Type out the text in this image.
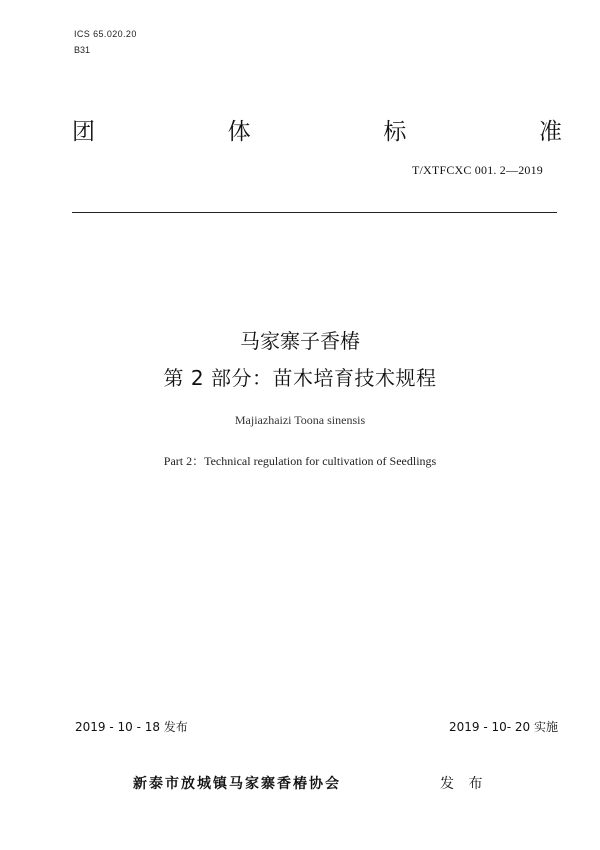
ICS 65.020.20
B31
团	体	标	准
T/XTFCXC 001. 2—2019
马家寨子香椿
第 2 部分：苗木培育技术规程
Majiazhaizi Toona sinensis
Part 2：Technical regulation for cultivation of Seedlings
2019 - 10 - 18 发布	2019 - 10- 20 实施
新泰市放城镇马家寨香椿协会	发 布
